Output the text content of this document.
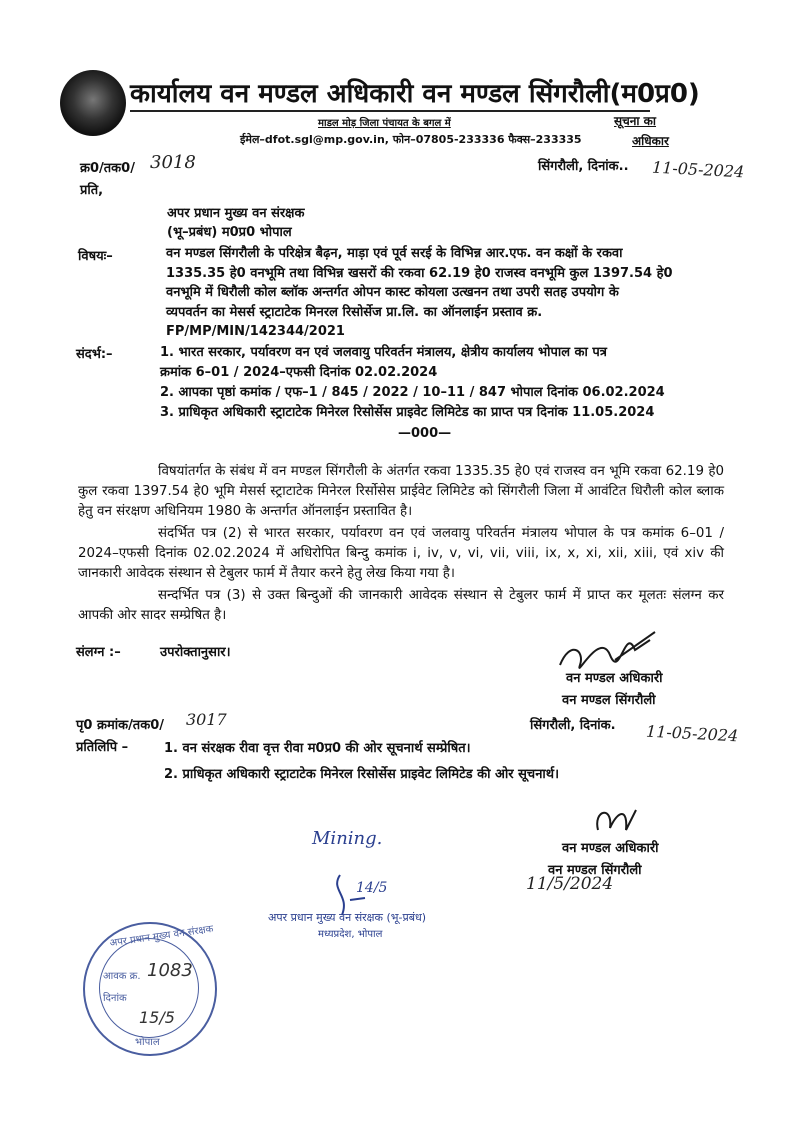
कार्यालय वन मण्डल अधिकारी वन मण्डल सिंगरौली(म0प्र0)
माडल मोड़ जिला पंचायत के बगल में
ईमेल–dfot.sgl@mp.gov.in, फोन–07805-233336 फैक्स–233335
सूचना का
अधिकार
क्र0/तक0/ 3018	सिंगरौली, दिनांक.. 11-05-2024
प्रति,
अपर प्रधान मुख्य वन संरक्षक
(भू–प्रबंध) म0प्र0 भोपाल
विषयः–	वन मण्डल सिंगरौली के परिक्षेत्र बैढ़न, माड़ा एवं पूर्व सरई के विभिन्न आर.एफ. वन कक्षों के रकवा
1335.35 हे0 वनभूमि तथा विभिन्न खसरों की रकवा 62.19 हे0 राजस्व वनभूमि कुल 1397.54 हे0
वनभूमि में धिरौली कोल ब्लॉक अन्तर्गत ओपन कास्ट कोयला उत्खनन तथा उपरी सतह उपयोग के
व्यपवर्तन का मेसर्स स्ट्राटाटेक मिनरल रिसोर्सेज प्रा.लि. का ऑनलाईन प्रस्ताव क्र.
FP/MP/MIN/142344/2021
संदर्भ:–	1. भारत सरकार, पर्यावरण वन एवं जलवायु परिवर्तन मंत्रालय, क्षेत्रीय कार्यालय भोपाल का पत्र
क्रमांक 6–01 / 2024–एफसी दिनांक 02.02.2024
2. आपका पृष्ठां कमांक / एफ–1 / 845 / 2022 / 10–11 / 847 भोपाल दिनांक 06.02.2024
3. प्राधिकृत अधिकारी स्ट्राटाटेक मिनेरल रिसोर्सेस प्राइवेट लिमिटेड का प्राप्त पत्र दिनांक 11.05.2024
—000—
विषयांतर्गत के संबंध में वन मण्डल सिंगरौली के अंतर्गत रकवा 1335.35 हे0 एवं राजस्व वन भूमि रकवा 62.19 हे0 कुल रकवा 1397.54 हे0 भूमि मेसर्स स्ट्राटाटेक मिनेरल रिर्सोसेस प्राईवेट लिमिटेड को सिंगरौली जिला में आवंटित धिरौली कोल ब्लाक हेतु वन संरक्षण अधिनियम 1980 के अन्तर्गत ऑनलाईन प्रस्तावित है।
संदर्भित पत्र (2) से भारत सरकार, पर्यावरण वन एवं जलवायु परिवर्तन मंत्रालय भोपाल के पत्र कमांक 6–01 / 2024–एफसी दिनांक 02.02.2024 में अधिरोपित बिन्दु कमांक i, iv, v, vi, vii, viii, ix, x, xi, xii, xiii, एवं xiv की जानकारी आवेदक संस्थान से टेबुलर फार्म में तैयार करने हेतु लेख किया गया है।
सन्दर्भित पत्र (3) से उक्त बिन्दुओं की जानकारी आवेदक संस्थान से टेबुलर फार्म में प्राप्त कर मूलतः संलग्न कर आपकी ओर सादर सम्प्रेषित है।
संलग्न :–	उपरोक्तानुसार।
वन मण्डल अधिकारी
वन मण्डल सिंगरौली
पृ0 क्रमांक/तक0/ 3017	सिंगरौली, दिनांक. 11-05-2024
प्रतिलिपि –	1. वन संरक्षक रीवा वृत्त रीवा म0प्र0 की ओर सूचनार्थ सम्प्रेषित।
2. प्राधिकृत अधिकारी स्ट्राटाटेक मिनेरल रिसोर्सेस प्राइवेट लिमिटेड की ओर सूचनार्थ।
वन मण्डल अधिकारी
वन मण्डल सिंगरौली
11/5/2024
Mining.
14/5
अपर प्रधान मुख्य वन संरक्षक (भू-प्रबंध)
मध्यप्रदेश, भोपाल
अपर प्रधान मुख्य वन संरक्षक
भोपाल
आवक क्र. 1083
दिनांक
15/5
